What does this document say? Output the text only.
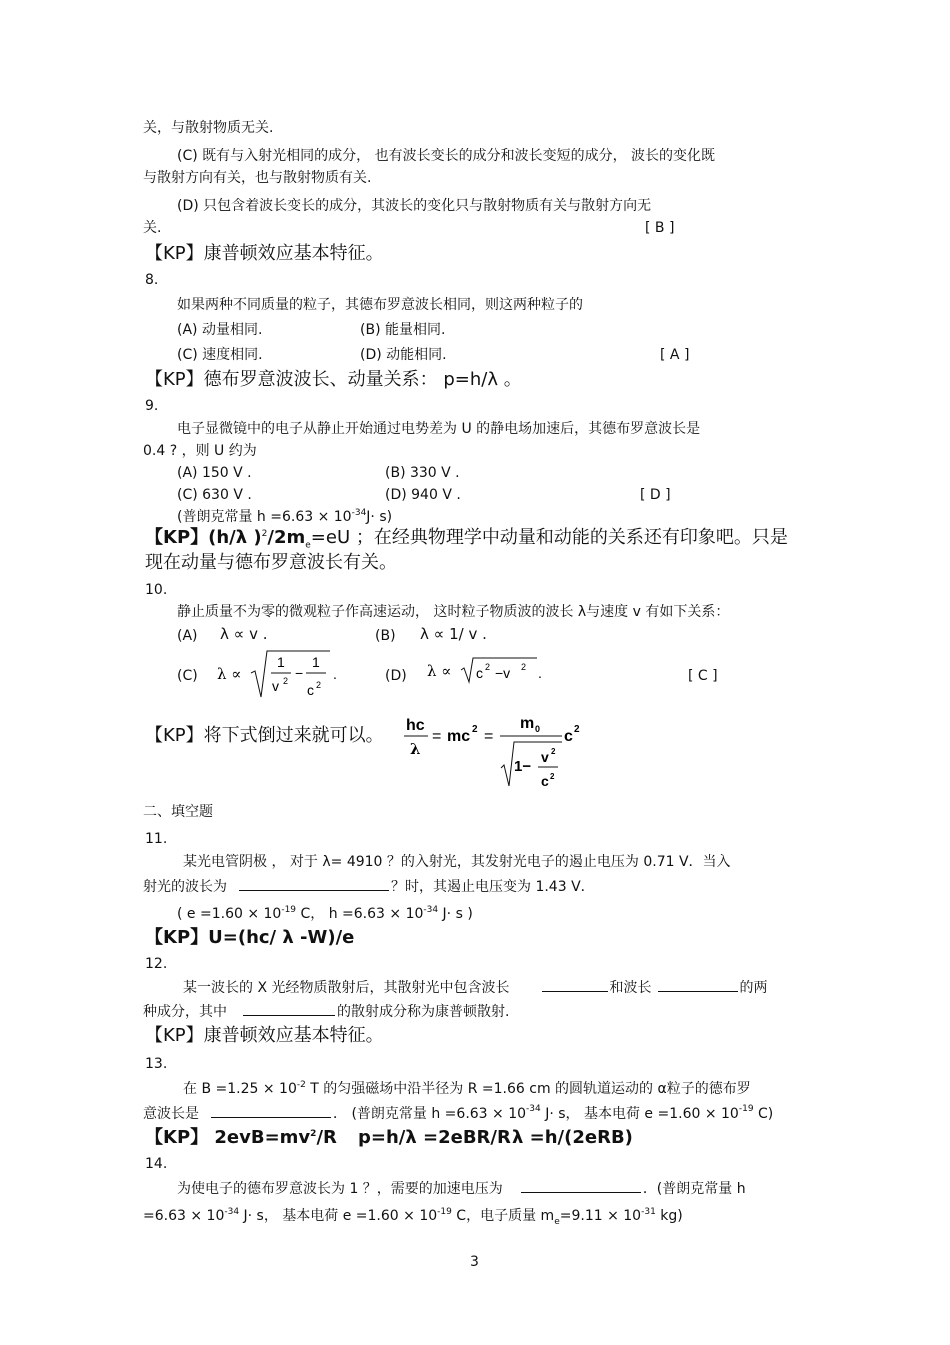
关，与散射物质无关.
(C) 既有与入射光相同的成分， 也有波长变长的成分和波长变短的成分， 波长的变化既
与散射方向有关，也与散射物质有关.
(D) 只包含着波长变长的成分，其波长的变化只与散射物质有关与散射方向无
关.	[ B ]
【KP】康普顿效应基本特征。
8.
如果两种不同质量的粒子，其德布罗意波长相同，则这两种粒子的
(A) 动量相同.	(B) 能量相同.
(C) 速度相同.	(D) 动能相同.	[ A ]
【KP】德布罗意波波长、动量关系： p=h/λ 。
9.
电子显微镜中的电子从静止开始通过电势差为 U 的静电场加速后，其德布罗意波长是
0.4 ? ，则 U 约为
(A) 150 V .	(B) 330 V .
(C) 630 V .	(D) 940 V .	[ D ]
(普朗克常量 $h =6.63 \times 10^{-34}J\cdot s$)
【KP】(h/λ )$^2/2m_e=eU$ ；在经典物理学中动量和动能的关系还有印象吧。只是
现在动量与德布罗意波长有关。
10.
静止质量不为零的微观粒子作高速运动， 这时粒子物质波的波长 λ与速度 v 有如下关系：
(A) λ ∝ v .	(B) λ ∝ 1/ v .
(C) λ ∝
1
v 2 −
1
c 2
.	(D) λ ∝ c 2 −v 2 .	[ C ]
【KP】将下式倒过来就可以。 hc
λ
= mc 2 =
m 0
1−
v 2
c 2
c 2
二、填空题
11.
某光电管阴极 ， 对于 λ= 4910 ？的入射光，其发射光电子的遏止电压为 0.71 V．当入
射光的波长为	？时，其遏止电压变为 1.43 V．
( $e =1.60 \times 10^{-19}$ C， $h =6.63 \times 10^{-34}$ J· s )
【KP】U=(hc/ λ -W)/e
12.
某一波长的 X 光经物质散射后，其散射光中包含波长	和波长	的两
种成分，其中	的散射成分称为康普顿散射.
【KP】康普顿效应基本特征。
13.
在 $B =1.25 \times 10^{-2}$ T 的匀强磁场中沿半径为 R =1.66 cm 的圆轨道运动的 α粒子的德布罗
意波长是	． (普朗克常量 $h =6.63 \times 10^{-34}$ J· s， 基本电荷 $e =1.60 \times 10^{-19}$ C)
【KP】 $2evB=mv^2/R$ p=h/λ =2eBR/R λ =h/(2eRB)
14.
为使电子的德布罗意波长为 1 ？，需要的加速电压为	．(普朗克常量 h
$=6.63 \times 10^{-34}$ J· s， 基本电荷 $e =1.60 \times 10^{-19}$ C，电子质量 $m_e=9.11 \times 10^{-31}$ kg)
3
